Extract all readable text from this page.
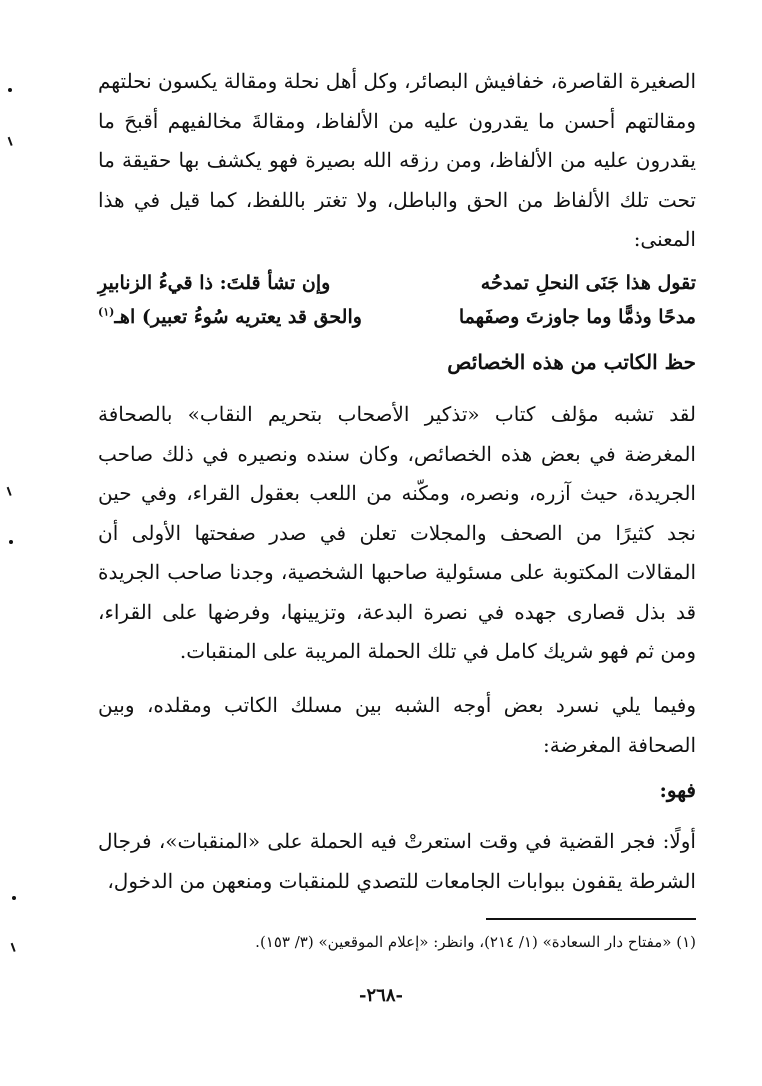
الصغيرة القاصرة، خفافيش البصائر، وكل أهل نحلة ومقالة يكسون نحلتهم ومقالتهم أحسن ما يقدرون عليه من الألفاظ، ومقالةَ مخالفيهم أقبحَ ما يقدرون عليه من الألفاظ، ومن رزقه الله بصيرة فهو يكشف بها حقيقة ما تحت تلك الألفاظ من الحق والباطل، ولا تغتر باللفظ، كما قيل في هذا المعنى:

تقول هذا جَنَى النحلِ تمدحُه
وإن تشأ قلتَ: ذا قيءُ الزنابيرِ
مدحًا وذمًّا وما جاوزتَ وصفَهما
والحق قد يعتريه سُوءُ تعبير) اهـ$^{(١)}$
حظ الكاتب من هذه الخصائص

لقد تشبه مؤلف كتاب «تذكير الأصحاب بتحريم النقاب» بالصحافة المغرضة في بعض هذه الخصائص، وكان سنده ونصيره في ذلك صاحب الجريدة، حيث آزره، ونصره، ومكّنه من اللعب بعقول القراء، وفي حين نجد كثيرًا من الصحف والمجلات تعلن في صدر صفحتها الأولى أن المقالات المكتوبة على مسئولية صاحبها الشخصية، وجدنا صاحب الجريدة قد بذل قصارى جهده في نصرة البدعة، وتزيينها، وفرضها على القراء، ومن ثم فهو شريك كامل في تلك الحملة المريبة على المنقبات.

وفيما يلي نسرد بعض أوجه الشبه بين مسلك الكاتب ومقلده، وبين الصحافة المغرضة:

فهو:

أولًا: فجر القضية في وقت استعرتْ فيه الحملة على «المنقبات»، فرجال الشرطة يقفون ببوابات الجامعات للتصدي للمنقبات ومنعهن من الدخول،

(١) «مفتاح دار السعادة» (١/ ٢١٤)، وانظر: «إعلام الموقعين» (٣/ ١٥٣).
-٢٦٨-
